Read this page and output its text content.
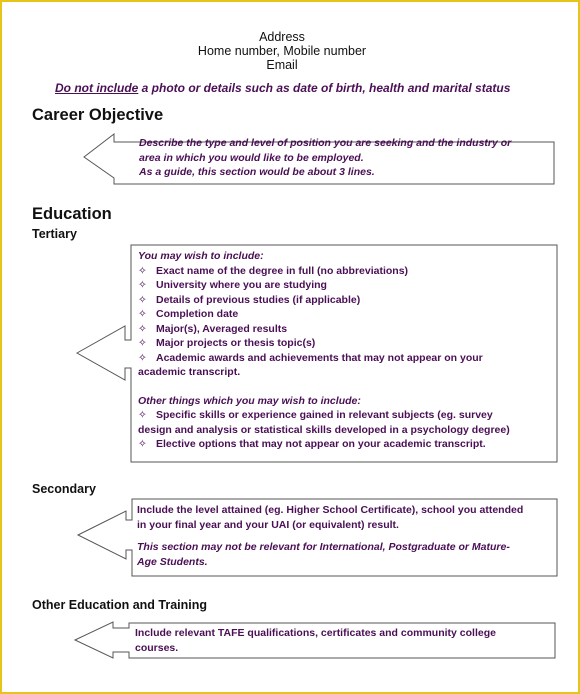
Address
Home number, Mobile number
Email
Do not include a photo or details such as date of birth, health and marital status
Career Objective
Describe the type and level of position you are seeking and the industry or
area in which you would like to be employed.
As a guide, this section would be about 3 lines.
Education
Tertiary
You may wish to include:
✧ Exact name of the degree in full (no abbreviations)
✧ University where you are studying
✧ Details of previous studies (if applicable)
✧ Completion date
✧ Major(s), Averaged results
✧ Major projects or thesis topic(s)
✧ Academic awards and achievements that may not appear on your
academic transcript.
Other things which you may wish to include:
✧ Specific skills or experience gained in relevant subjects (eg. survey
design and analysis or statistical skills developed in a psychology degree)
✧ Elective options that may not appear on your academic transcript.
Secondary
Include the level attained (eg. Higher School Certificate), school you attended
in your final year and your UAI (or equivalent) result.
This section may not be relevant for International, Postgraduate or Mature-
Age Students.
Other Education and Training
Include relevant TAFE qualifications, certificates and community college
courses.
